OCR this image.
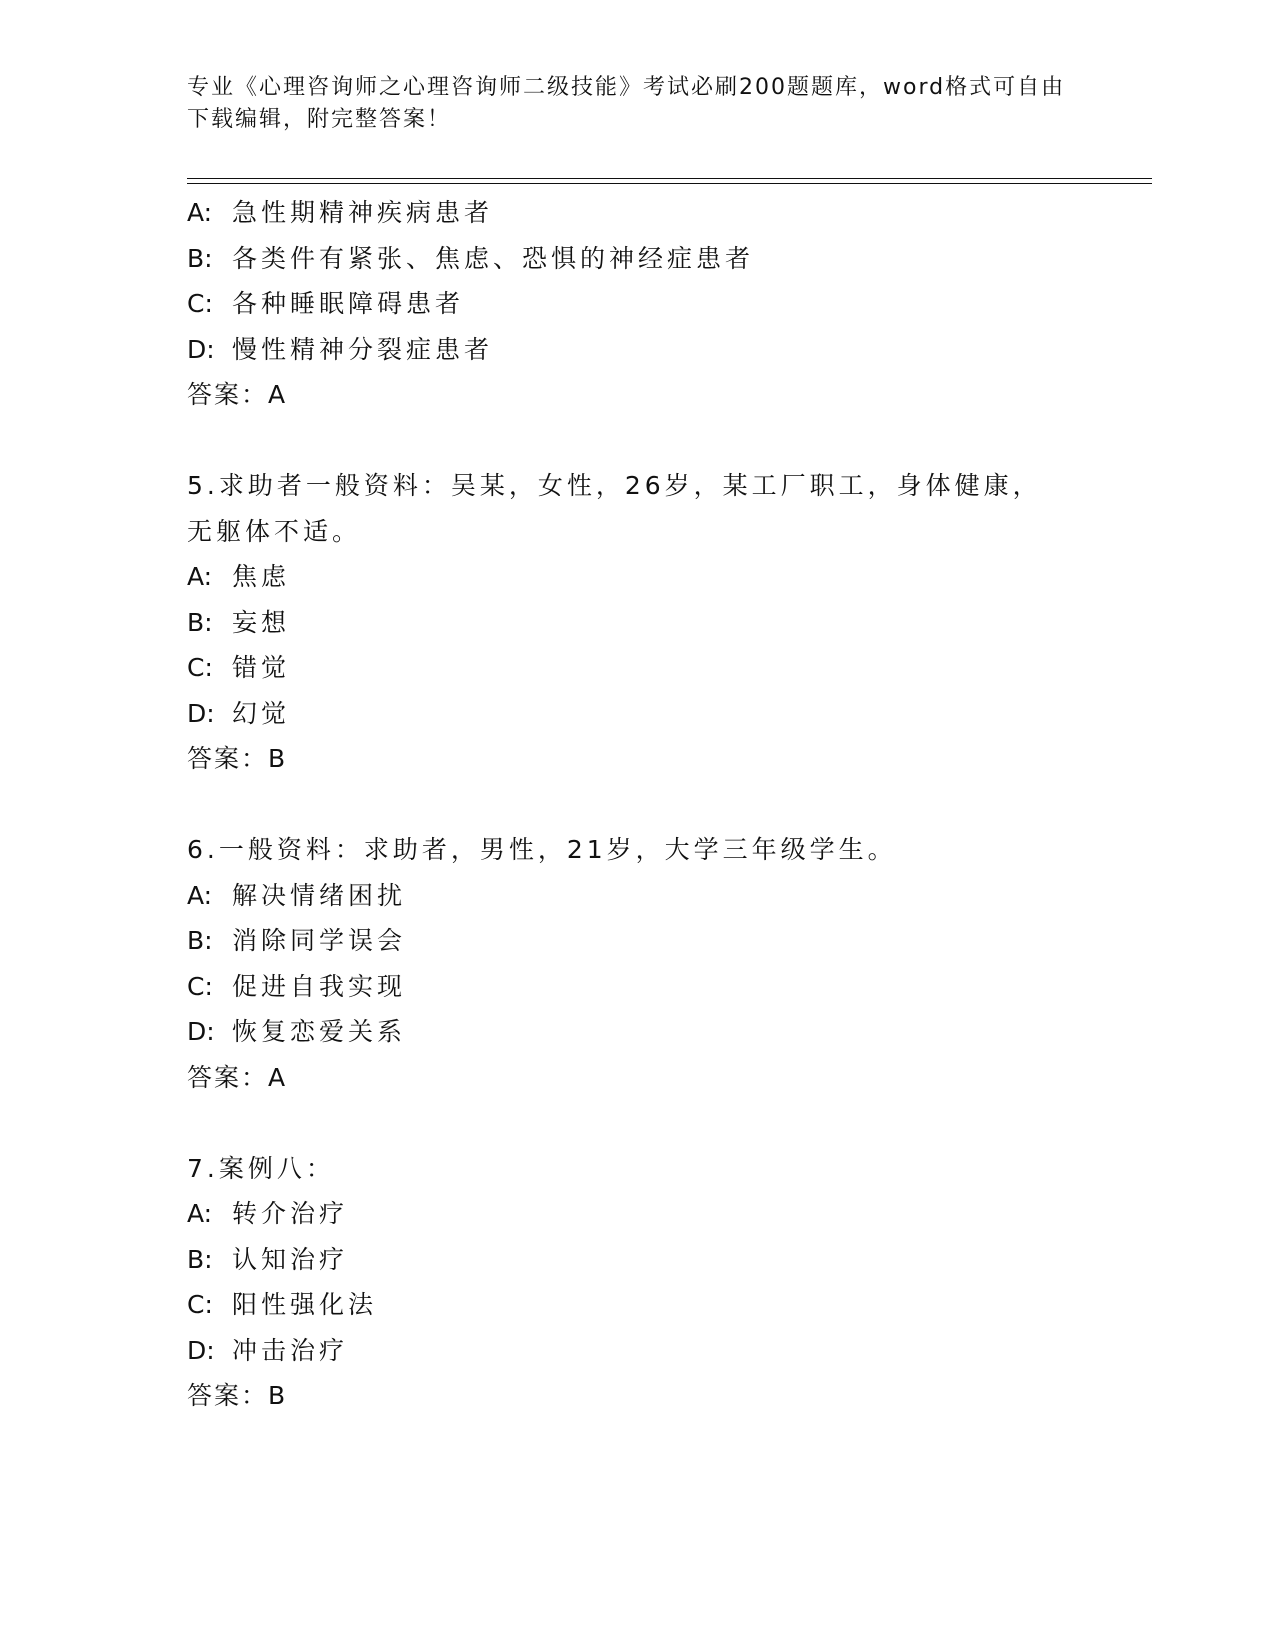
专业《心理咨询师之心理咨询师二级技能》考试必刷200题题库，word格式可自由下载编辑，附完整答案！
A: 急性期精神疾病患者
B: 各类件有紧张、焦虑、恐惧的神经症患者
C: 各种睡眠障碍患者
D: 慢性精神分裂症患者
答案：A
5.求助者一般资料：吴某，女性，26岁，某工厂职工，身体健康，无躯体不适。
A: 焦虑
B: 妄想
C: 错觉
D: 幻觉
答案：B
6.一般资料：求助者，男性，21岁，大学三年级学生。
A: 解决情绪困扰
B: 消除同学误会
C: 促进自我实现
D: 恢复恋爱关系
答案：A
7.案例八：
A: 转介治疗
B: 认知治疗
C: 阳性强化法
D: 冲击治疗
答案：B
